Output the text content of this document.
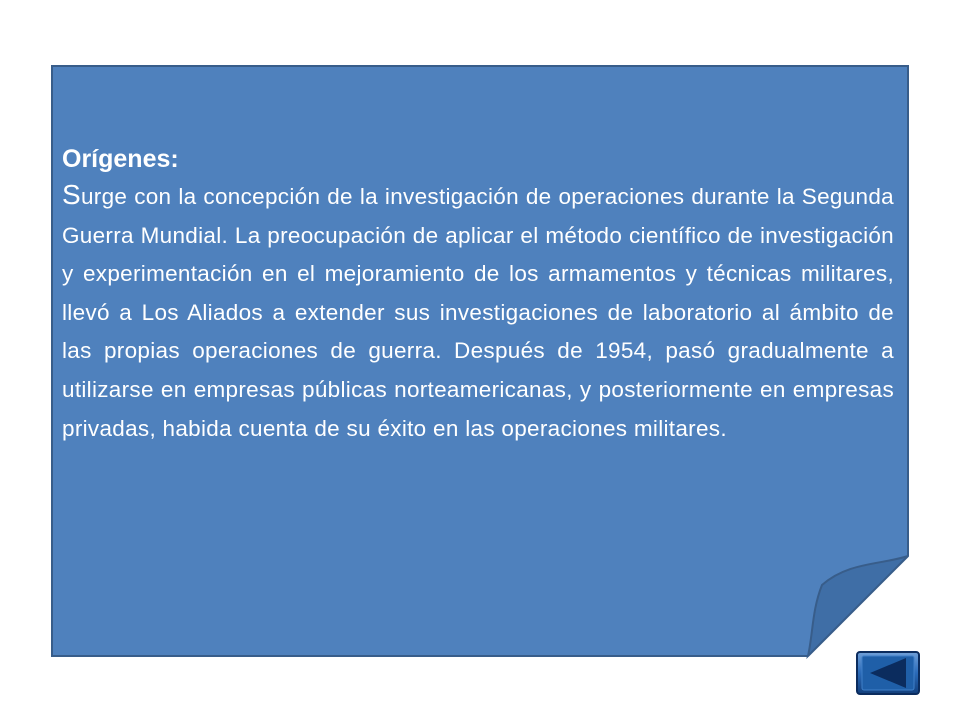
Orígenes:

Surge con la concepción de la investigación de operaciones durante la Segunda Guerra Mundial. La preocupación de aplicar el método científico de investigación y experimentación en el mejoramiento de los armamentos y técnicas militares, llevó a Los Aliados a extender sus investigaciones de laboratorio al ámbito de las propias operaciones de guerra. Después de 1954, pasó gradualmente a utilizarse en empresas públicas norteamericanas, y posteriormente en empresas privadas, habida cuenta de su éxito en las operaciones militares.
